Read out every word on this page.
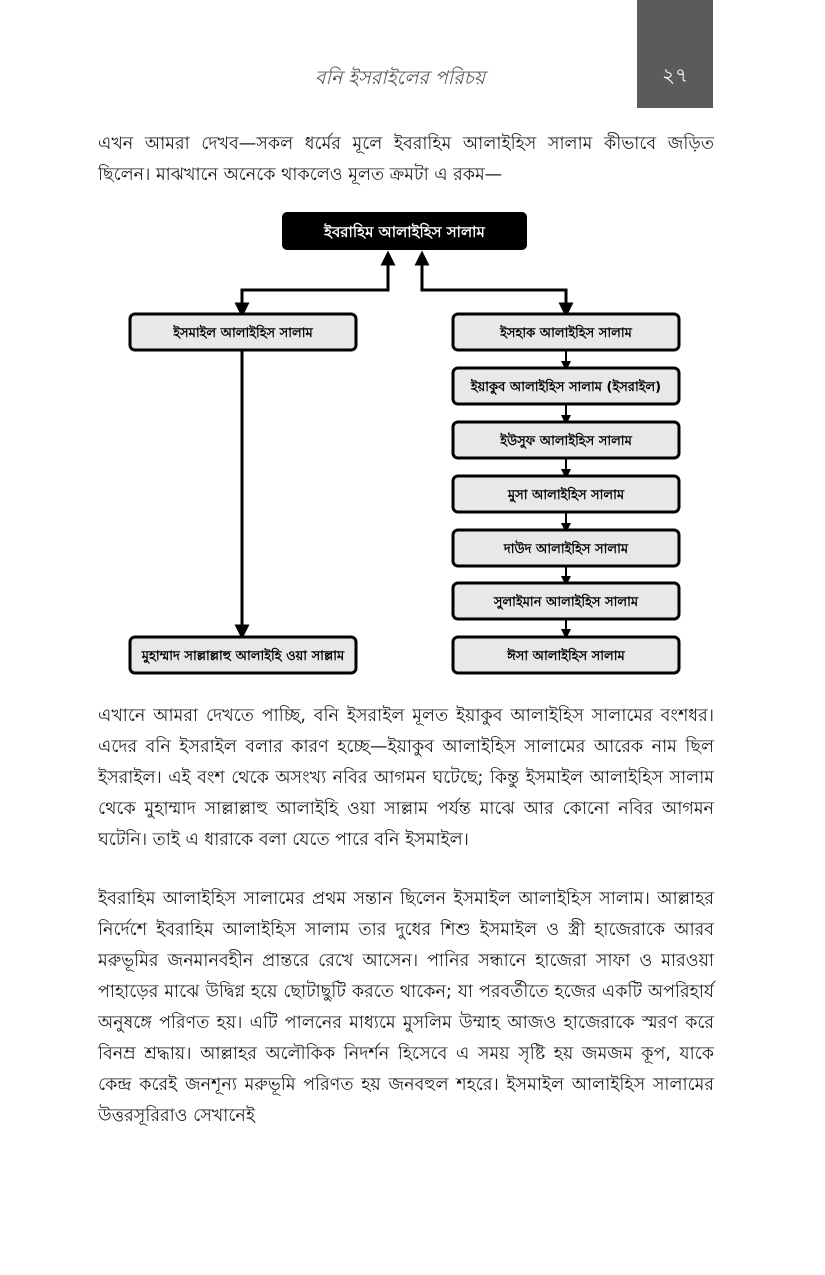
বনি ইসরাইলের পরিচয়	২৭

এখন আমরা দেখব—সকল ধর্মের মূলে ইবরাহিম আলাইহিস সালাম কীভাবে জড়িত ছিলেন। মাঝখানে অনেকে থাকলেও মূলত ক্রমটা এ রকম—

ইবরাহিম আলাইহিস সালাম
ইসমাইল আলাইহিস সালাম
মুহাম্মাদ সাল্লাল্লাহু আলাইহি ওয়া সাল্লাম
ইসহাক আলাইহিস সালাম
ইয়াকুব আলাইহিস সালাম (ইসরাইল)
ইউসুফ আলাইহিস সালাম
মুসা আলাইহিস সালাম
দাউদ আলাইহিস সালাম
সুলাইমান আলাইহিস সালাম
ঈসা আলাইহিস সালাম

এখানে আমরা দেখতে পাচ্ছি, বনি ইসরাইল মূলত ইয়াকুব আলাইহিস সালামের বংশধর। এদের বনি ইসরাইল বলার কারণ হচ্ছে—ইয়াকুব আলাইহিস সালামের আরেক নাম ছিল ইসরাইল। এই বংশ থেকে অসংখ্য নবির আগমন ঘটেছে; কিন্তু ইসমাইল আলাইহিস সালাম থেকে মুহাম্মাদ সাল্লাল্লাহু আলাইহি ওয়া সাল্লাম পর্যন্ত মাঝে আর কোনো নবির আগমন ঘটেনি। তাই এ ধারাকে বলা যেতে পারে বনি ইসমাইল।

ইবরাহিম আলাইহিস সালামের প্রথম সন্তান ছিলেন ইসমাইল আলাইহিস সালাম। আল্লাহর নির্দেশে ইবরাহিম আলাইহিস সালাম তার দুধের শিশু ইসমাইল ও স্ত্রী হাজেরাকে আরব মরুভূমির জনমানবহীন প্রান্তরে রেখে আসেন। পানির সন্ধানে হাজেরা সাফা ও মারওয়া পাহাড়ের মাঝে উদ্বিগ্ন হয়ে ছোটাছুটি করতে থাকেন; যা পরবর্তীতে হজের একটি অপরিহার্য অনুষঙ্গে পরিণত হয়। এটি পালনের মাধ্যমে মুসলিম উম্মাহ আজও হাজেরাকে স্মরণ করে বিনম্র শ্রদ্ধায়। আল্লাহর অলৌকিক নিদর্শন হিসেবে এ সময় সৃষ্টি হয় জমজম কূপ, যাকে কেন্দ্র করেই জনশূন্য মরুভূমি পরিণত হয় জনবহুল শহরে। ইসমাইল আলাইহিস সালামের উত্তরসূরিরাও সেখানেই
